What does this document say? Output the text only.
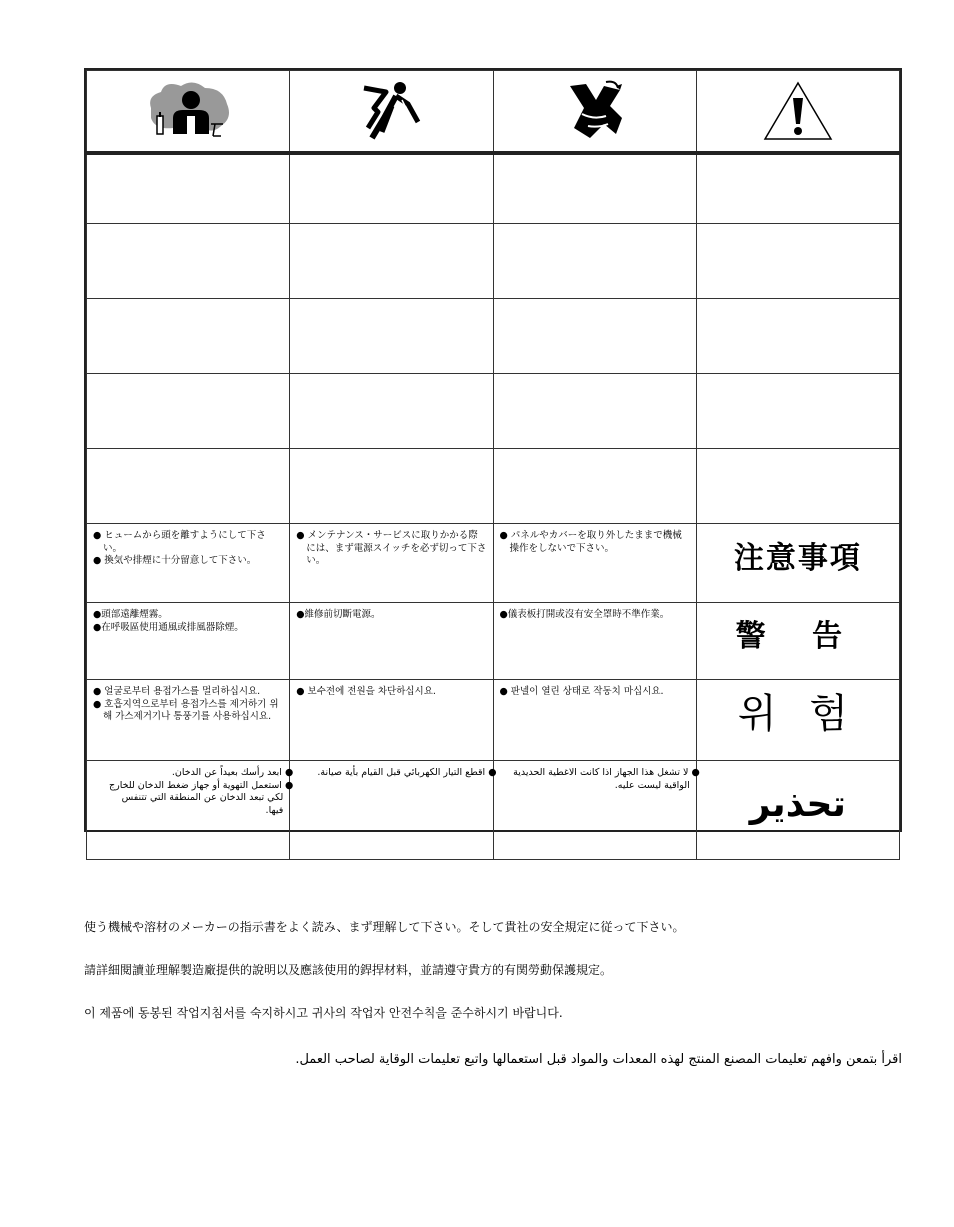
● ヒュームから頭を離すようにして下さい。
● 換気や排煙に十分留意して下さい。	● メンテナンス・サービスに取りかかる際には、まず電源スイッチを必ず切って下さい。	● パネルやカバーを取り外したままで機械操作をしないで下さい。	注意事項

●頭部遠離煙霧。
●在呼吸區使用通風或排風器除煙。	●維修前切斷電源。	●儀表板打開或沒有安全罩時不準作業。	警 告

● 얼굴로부터 용접가스를 멀리하십시요.
● 호흡지역으로부터 용접가스를 제거하기 위해 가스제거기나 통풍기를 사용하십시요.	● 보수전에 전원을 차단하십시요.	● 판넬이 열린 상태로 작동치 마십시요.	위 험

● ابعد رأسك بعيداً عن الدخان.
● استعمل التهوية أو جهاز ضغط الدخان للخارج لكي تبعد الدخان عن المنطقة التي تتنفس فيها.	● اقطع التيار الكهربائي قبل القيام بأية صيانة.	● لا تشغل هذا الجهاز اذا كانت الاغطية الحديدية الواقية ليست عليه.	تحذير
使う機械や溶材のメーカーの指示書をよく読み、まず理解して下さい。そして貴社の安全規定に従って下さい。
請詳細閱讀並理解製造廠提供的說明以及應該使用的銲捍材料，並請遵守貴方的有関勞動保護規定。
이 제품에 동봉된 작업지침서를 숙지하시고 귀사의 작업자 안전수칙을 준수하시기 바랍니다.
اقرأ بتمعن وافهم تعليمات المصنع المنتج لهذه المعدات والمواد قبل استعمالها واتبع تعليمات الوقاية لصاحب العمل.
